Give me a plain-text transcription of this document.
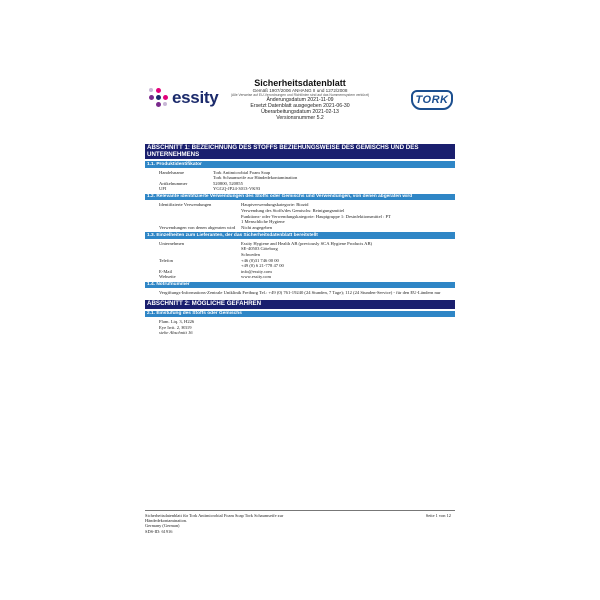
essity
Sicherheitsdatenblatt
Gemäß 1907/2006 ANHANG II und 1272/2008
(Alle Verweise auf EU-Verordnungen und Richtlinien sind auf das Nummernsystem verkürzt)
Änderungsdatum 2021-11-09
Ersetzt Datenblatt ausgegeben 2021-06-30
Überarbeitungsdatum 2021-02-13
Versionsnummer 5.2
TORK
ABSCHNITT 1: BEZEICHNUNG DES STOFFS BEZIEHUNGSWEISE DES GEMISCHS UND DES UNTERNEHMENS
1.1. Produktidentifikator
Handelsname	Tork Antimicrobial Foam Soap
Tork Schaumseife zur Händedekontamination
Artikelnummer	520800, 520855
UFI	YGGQ-JP24-3013-VK93
1.2. Relevante identifizierte Verwendungen des Stoffs oder Gemischs und Verwendungen, von denen abgeraten wird
Identifizierte Verwendungen	Hauptverwendungskategorie: Biozid
Verwendung des Stoffs/des Gemischs: Reinigungsmittel
Funktions- oder Verwendungskategorie: Hauptgruppe 1: Desinfektionsmittel : PT
1 Menschliche Hygiene
Verwendungen von denen abgeraten wird	Nicht angegeben
1.3. Einzelheiten zum Lieferanten, der das Sicherheitsdatenblatt bereitstellt
Unternehmen	Essity Hygiene and Health AB (previously SCA Hygiene Products AB)
SE-40503 Göteborg
Schweden
Telefon	+46 (0)31 746 00 00
+49 (0) 6 21-778 47 00
E-Mail	info@essity.com
Webseite	www.essity.com
1.4. Notrufnummer
Vergiftungs-Informations-Zentrale Uniklinik Freiburg Tel.: +49 (0) 761-19240 (24 Stunden, 7 Tage); 112 (24 Stunden-Service) - für den EU-Ländern nur
ABSCHNITT 2: MÖGLICHE GEFAHREN
2.1. Einstufung des Stoffs oder Gemischs
Flam. Liq. 3, H226
Eye Irrit. 2, H319
siehe Abschnitt 16
Sicherheitsdatenblatt für Tork Antimicrobial Foam Soap Tork Schaumseife zur
Händedekontamination.
Germany (German)
SDS-ID: 61916
Seite 1 von 12
